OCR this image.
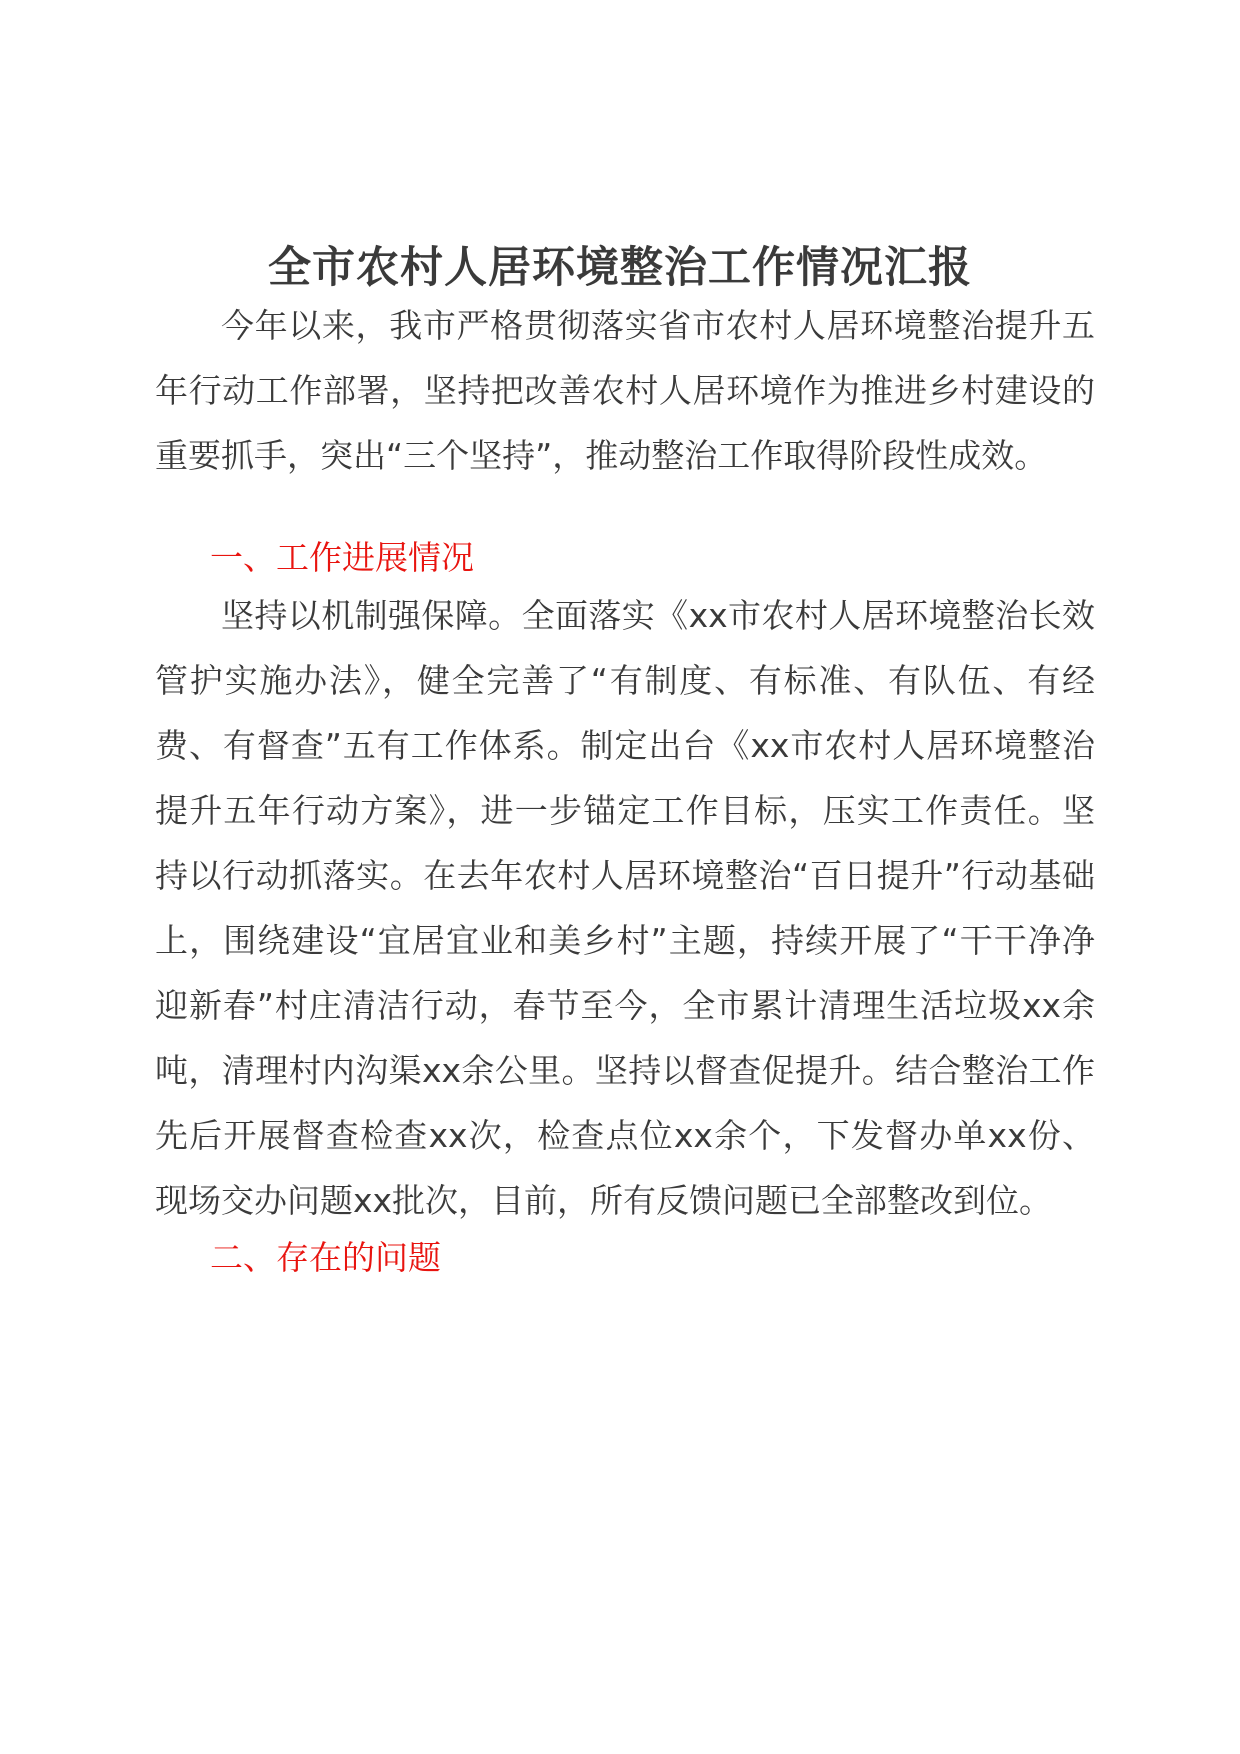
全市农村人居环境整治工作情况汇报

今年以来，我市严格贯彻落实省市农村人居环境整治提升五年行动工作部署，坚持把改善农村人居环境作为推进乡村建设的重要抓手，突出“三个坚持”，推动整治工作取得阶段性成效。

一、工作进展情况

坚持以机制强保障。全面落实《xx市农村人居环境整治长效管护实施办法》，健全完善了“有制度、有标准、有队伍、有经费、有督查”五有工作体系。制定出台《xx市农村人居环境整治提升五年行动方案》，进一步锚定工作目标，压实工作责任。坚持以行动抓落实。在去年农村人居环境整治“百日提升”行动基础上，围绕建设“宜居宜业和美乡村”主题，持续开展了“干干净净迎新春”村庄清洁行动，春节至今，全市累计清理生活垃圾xx余吨，清理村内沟渠xx余公里。坚持以督查促提升。结合整治工作先后开展督查检查xx次，检查点位xx余个，下发督办单xx份、现场交办问题xx批次，目前，所有反馈问题已全部整改到位。

二、存在的问题
